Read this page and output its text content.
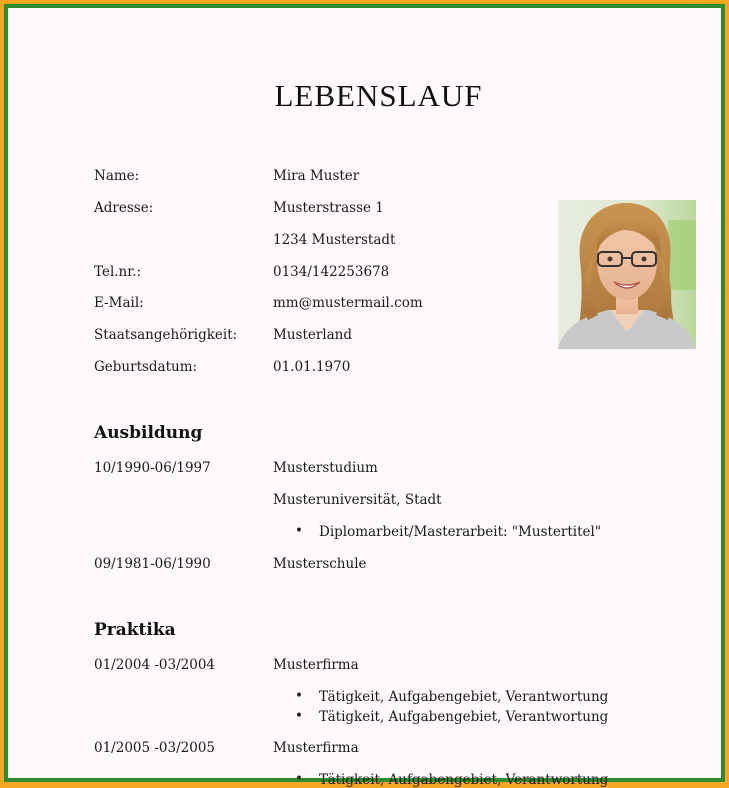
LEBENSLAUF
Name:	Mira Muster
Adresse:	Musterstrasse 1
1234 Musterstadt
Tel.nr.:	0134/142253678
E-Mail:	mm@mustermail.com
Staatsangehörigkeit:	Musterland
Geburtsdatum:	01.01.1970
Ausbildung
10/1990-06/1997	Musterstudium
Musteruniversität, Stadt
• Diplomarbeit/Masterarbeit: "Mustertitel"
09/1981-06/1990	Musterschule
Praktika
01/2004 -03/2004	Musterfirma
• Tätigkeit, Aufgabengebiet, Verantwortung
• Tätigkeit, Aufgabengebiet, Verantwortung
01/2005 -03/2005	Musterfirma
• Tätigkeit, Aufgabengebiet, Verantwortung
